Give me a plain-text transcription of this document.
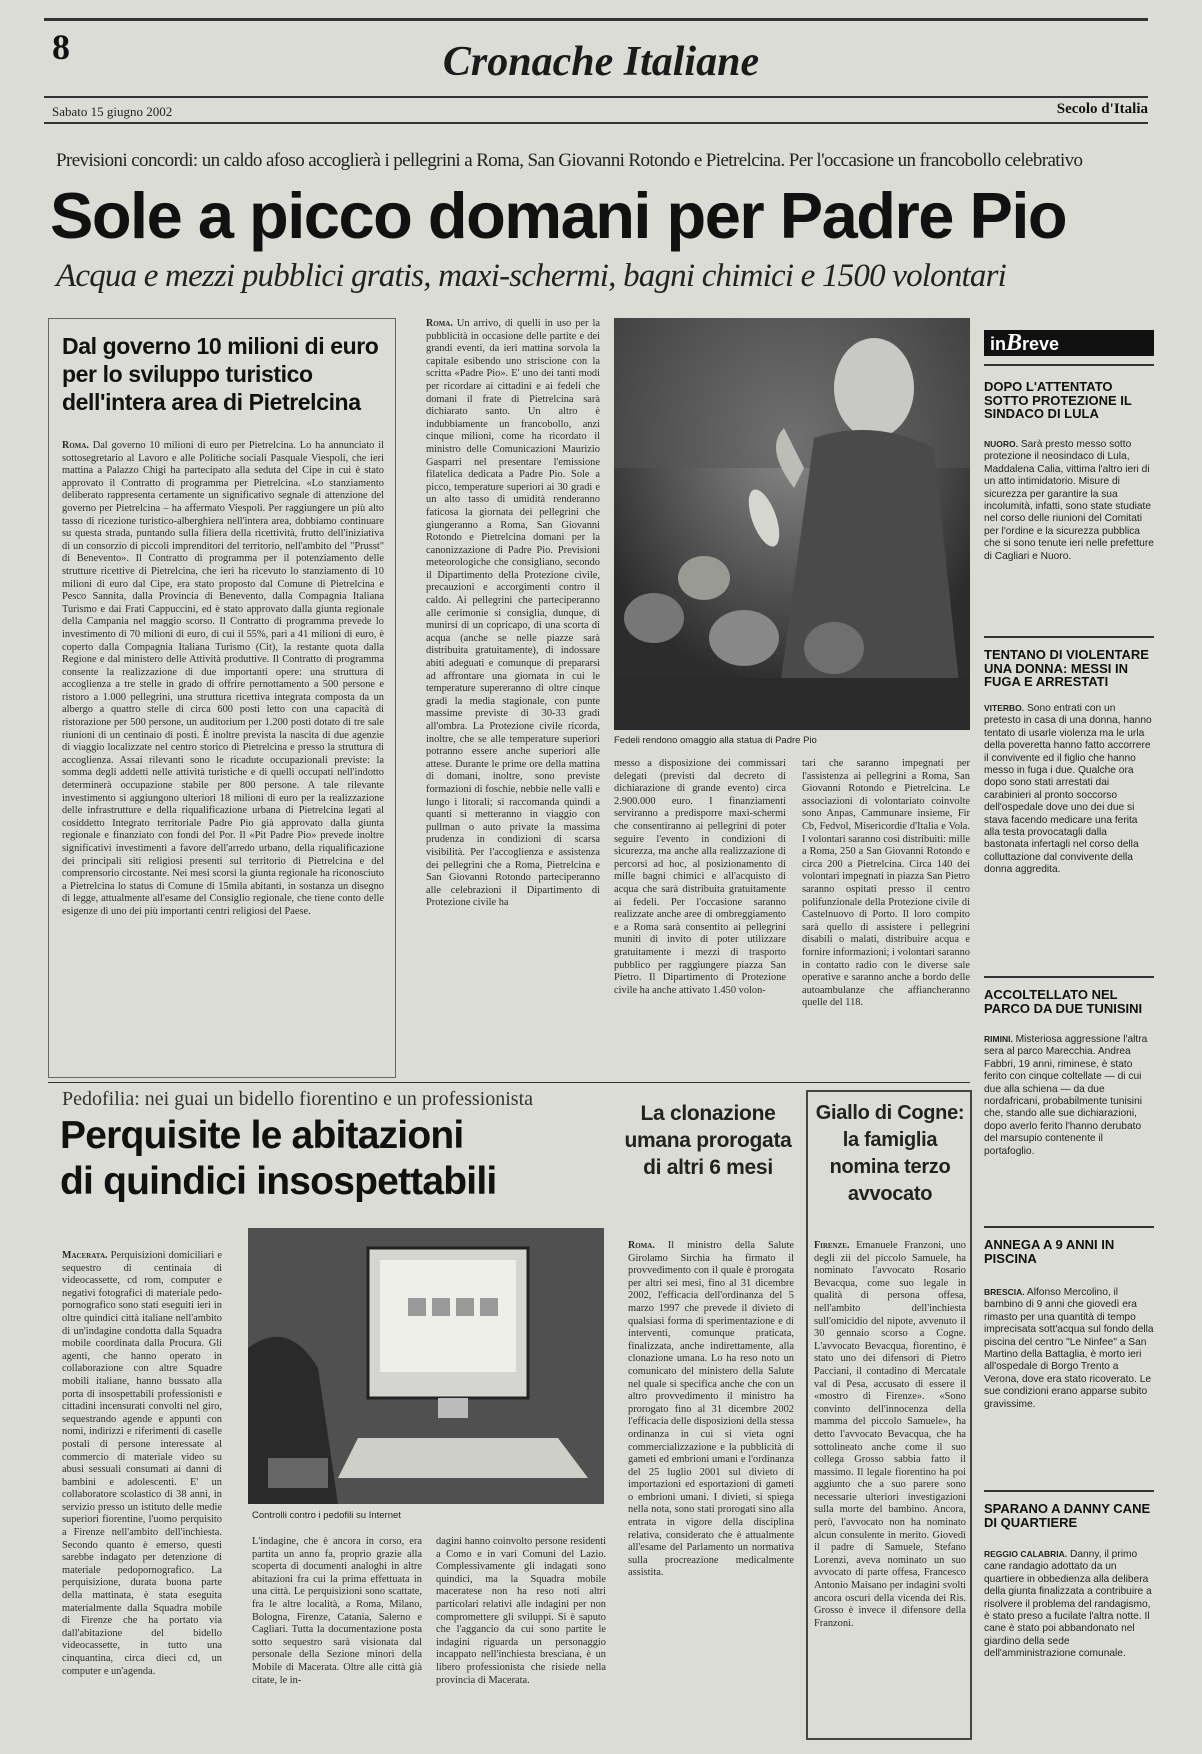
8	Cronache Italiane
Sabato 15 giugno 2002	Secolo d'Italia
Previsioni concordi: un caldo afoso accoglierà i pellegrini a Roma, San Giovanni Rotondo e Pietrelcina. Per l'occasione un francobollo celebrativo
Sole a picco domani per Padre Pio
Acqua e mezzi pubblici gratis, maxi-schermi, bagni chimici e 1500 volontari
Dal governo 10 milioni di euro per lo sviluppo turistico dell'intera area di Pietrelcina
Roma. Dal governo 10 milioni di euro per Pietrelcina. Lo ha annunciato il sottosegretario al Lavoro e alle Politiche sociali Pasquale Viespoli, che ieri mattina a Palazzo Chigi ha partecipato alla seduta del Cipe in cui è stato approvato il Contratto di programma per Pietrelcina. «Lo stanziamento deliberato rappresenta certamente un significativo segnale di attenzione del governo per Pietrelcina – ha affermato Viespoli. Per raggiungere un più alto tasso di ricezione turistico-alberghiera nell'intera area, dobbiamo continuare su questa strada, puntando sulla filiera della ricettività, frutto dell'iniziativa di un consorzio di piccoli imprenditori del territorio, nell'ambito del "Prusst" di Benevento». Il Contratto di programma per il potenziamento delle strutture ricettive di Pietrelcina, che ieri ha ricevuto lo stanziamento di 10 milioni di euro dal Cipe, era stato proposto dal Comune di Pietrelcina e Pesco Sannita, dalla Provincia di Benevento, dalla Compagnia Italiana Turismo e dai Frati Cappuccini, ed è stato approvato dalla giunta regionale della Campania nel maggio scorso. Il Contratto di programma prevede lo investimento di 70 milioni di euro, di cui il 55%, pari a 41 milioni di euro, è coperto dalla Compagnia Italiana Turismo (Cit), la restante quota dalla Regione e dal ministero delle Attività produttive. Il Contratto di programma consente la realizzazione di due importanti opere: una struttura di accoglienza a tre stelle in grado di offrire pernottamento a 500 persone e ristoro a 1.000 pellegrini, una struttura ricettiva integrata composta da un albergo a quattro stelle di circa 600 posti letto con una capacità di ristorazione per 500 persone, un auditorium per 1.200 posti dotato di tre sale riunioni di un centinaio di posti. È inoltre prevista la nascita di due agenzie di viaggio localizzate nel centro storico di Pietrelcina e presso la struttura di accoglienza. Assai rilevanti sono le ricadute occupazionali previste: la somma degli addetti nelle attività turistiche e di quelli occupati nell'indotto determinerà occupazione stabile per 800 persone. A tale rilevante investimento si aggiungono ulteriori 18 milioni di euro per la realizzazione delle infrastrutture e della riqualificazione urbana di Pietrelcina legati al cosiddetto Integrato territoriale Padre Pio già approvato dalla giunta regionale e finanziato con fondi del Por. Il «Pit Padre Pio» prevede inoltre significativi investimenti a favore dell'arredo urbano, della riqualificazione dei principali siti religiosi presenti sul territorio di Pietrelcina e del comprensorio circostante. Nei mesi scorsi la giunta regionale ha riconosciuto a Pietrelcina lo status di Comune di 15mila abitanti, in sostanza un disegno di legge, attualmente all'esame del Consiglio regionale, che tiene conto delle esigenze di uno dei più importanti centri religiosi del Paese.
Roma. Un arrivo, di quelli in uso per la pubblicità in occasione delle partite e dei grandi eventi, da ieri mattina sorvola la capitale esibendo uno striscione con la scritta «Padre Pio». E' uno dei tanti modi per ricordare ai cittadini e ai fedeli che domani il frate di Pietrelcina sarà dichiarato santo. Un altro è indubbiamente un francobollo, anzi cinque milioni, come ha ricordato il ministro delle Comunicazioni Maurizio Gasparri nel presentare l'emissione filatelica dedicata a Padre Pio. Sole a picco, temperature superiori ai 30 gradi e un alto tasso di umidità renderanno faticosa la giornata dei pellegrini che giungeranno a Roma, San Giovanni Rotondo e Pietrelcina domani per la canonizzazione di Padre Pio. Previsioni meteorologiche che consigliano, secondo il Dipartimento della Protezione civile, precauzioni e accorgimenti contro il caldo. Ai pellegrini che parteciperanno alle cerimonie si consiglia, dunque, di munirsi di un copricapo, di una scorta di acqua (anche se nelle piazze sarà distribuita gratuitamente), di indossare abiti adeguati e comunque di prepararsi ad affrontare una giornata in cui le temperature supereranno di oltre cinque gradi la media stagionale, con punte massime previste di 30-33 gradi all'ombra. La Protezione civile ricorda, inoltre, che se alle temperature superiori potranno essere anche superiori alle attese. Durante le prime ore della mattina di domani, inoltre, sono previste formazioni di foschie, nebbie nelle valli e lungo i litorali; si raccomanda quindi a quanti si metteranno in viaggio con pullman o auto private la massima prudenza in condizioni di scarsa visibilità. Per l'accoglienza e assistenza dei pellegrini che a Roma, Pietrelcina e San Giovanni Rotondo parteciperanno alle celebrazioni il Dipartimento di Protezione civile ha
Fedeli rendono omaggio alla statua di Padre Pio
messo a disposizione dei commissari delegati (previsti dal decreto di dichiarazione di grande evento) circa 2.900.000 euro. I finanziamenti serviranno a predisporre maxi-schermi che consentiranno ai pellegrini di poter seguire l'evento in condizioni di sicurezza, ma anche alla realizzazione di percorsi ad hoc, al posizionamento di mille bagni chimici e all'acquisto di acqua che sarà distribuita gratuitamente ai fedeli. Per l'occasione saranno realizzate anche aree di ombreggiamento e a Roma sarà consentito ai pellegrini muniti di invito di poter utilizzare gratuitamente i mezzi di trasporto pubblico per raggiungere piazza San Pietro. Il Dipartimento di Protezione civile ha anche attivato 1.450 volon-
tari che saranno impegnati per l'assistenza ai pellegrini a Roma, San Giovanni Rotondo e Pietrelcina. Le associazioni di volontariato coinvolte sono Anpas, Cammunare insieme, Fir Cb, Fedvol, Misericordie d'Italia e Vola. I volontari saranno così distribuiti: mille a Roma, 250 a San Giovanni Rotondo e circa 200 a Pietrelcina. Circa 140 dei volontari impegnati in piazza San Pietro saranno ospitati presso il centro polifunzionale della Protezione civile di Castelnuovo di Porto. Il loro compito sarà quello di assistere i pellegrini disabili o malati, distribuire acqua e fornire informazioni; i volontari saranno in contatto radio con le diverse sale operative e saranno anche a bordo delle autoambulanze che affiancheranno quelle del 118.
inBreve
DOPO L'ATTENTATO SOTTO PROTEZIONE IL SINDACO DI LULA
NUORO. Sarà presto messo sotto protezione il neosindaco di Lula, Maddalena Calia, vittima l'altro ieri di un atto intimidatorio. Misure di sicurezza per garantire la sua incolumità, infatti, sono state studiate nel corso delle riunioni del Comitati per l'ordine e la sicurezza pubblica che si sono tenute ieri nelle prefetture di Cagliari e Nuoro.
TENTANO DI VIOLENTARE UNA DONNA: MESSI IN FUGA E ARRESTATI
VITERBO. Sono entrati con un pretesto in casa di una donna, hanno tentato di usarle violenza ma le urla della poveretta hanno fatto accorrere il convivente ed il figlio che hanno messo in fuga i due. Qualche ora dopo sono stati arrestati dai carabinieri al pronto soccorso dell'ospedale dove uno dei due si stava facendo medicare una ferita alla testa provocatagli dalla bastonata infertagli nel corso della colluttazione dal convivente della donna aggredita.
ACCOLTELLATO NEL PARCO DA DUE TUNISINI
RIMINI. Misteriosa aggressione l'altra sera al parco Marecchia. Andrea Fabbri, 19 anni, riminese, è stato ferito con cinque coltellate — di cui due alla schiena — da due nordafricani, probabilmente tunisini che, stando alle sue dichiarazioni, dopo averlo ferito l'hanno derubato del marsupio contenente il portafoglio.
ANNEGA A 9 ANNI IN PISCINA
BRESCIA. Alfonso Mercolino, il bambino di 9 anni che giovedì era rimasto per una quantità di tempo imprecisata sott'acqua sul fondo della piscina del centro "Le Ninfee" a San Martino della Battaglia, è morto ieri all'ospedale di Borgo Trento a Verona, dove era stato ricoverato. Le sue condizioni erano apparse subito gravissime.
SPARANO A DANNY CANE DI QUARTIERE
REGGIO CALABRIA. Danny, il primo cane randagio adottato da un quartiere in obbedienza alla delibera della giunta finalizzata a contribuire a risolvere il problema del randagismo, è stato preso a fucilate l'altra notte. Il cane è stato poi abbandonato nel giardino della sede dell'amministrazione comunale.
Pedofilia: nei guai un bidello fiorentino e un professionista
Perquisite le abitazioni
di quindici insospettabili
Macerata. Perquisizioni domiciliari e sequestro di centinaia di videocassette, cd rom, computer e negativi fotografici di materiale pedo-pornografico sono stati eseguiti ieri in oltre quindici città italiane nell'ambito di un'indagine condotta dalla Squadra mobile coordinata dalla Procura. Gli agenti, che hanno operato in collaborazione con altre Squadre mobili italiane, hanno bussato alla porta di insospettabili professionisti e cittadini incensurati convolti nel giro, sequestrando agende e appunti con nomi, indirizzi e riferimenti di caselle postali di persone interessate al commercio di materiale video su abusi sessuali consumati ai danni di bambini e adolescenti. E' un collaboratore scolastico di 38 anni, in servizio presso un istituto delle medie superiori fiorentine, l'uomo perquisito a Firenze nell'ambito dell'inchiesta. Secondo quanto è emerso, questi sarebbe indagato per detenzione di materiale pedopornografico. La perquisizione, durata buona parte della mattinata, è stata eseguita materialmente dalla Squadra mobile di Firenze che ha portato via dall'abitazione del bidello videocassette, in tutto una cinquantina, circa dieci cd, un computer e un'agenda.
Controlli contro i pedofili su Internet
L'indagine, che è ancora in corso, era partita un anno fa, proprio grazie alla scoperta di documenti analoghi in altre abitazioni fra cui la prima effettuata in una città. Le perquisizioni sono scattate, fra le altre località, a Roma, Milano, Bologna, Firenze, Catania, Salerno e Cagliari. Tutta la documentazione posta sotto sequestro sarà visionata dal personale della Sezione minori della Mobile di Macerata. Oltre alle città già citate, le in-
dagini hanno coinvolto persone residenti a Como e in vari Comuni del Lazio. Complessivamente gli indagati sono quindici, ma la Squadra mobile maceratese non ha reso noti altri particolari relativi alle indagini per non compromettere gli sviluppi. Si è saputo che l'aggancio da cui sono partite le indagini riguarda un personaggio incappato nell'inchiesta bresciana, è un libero professionista che risiede nella provincia di Macerata.
La clonazione umana prorogata di altri 6 mesi
Roma. Il ministro della Salute Girolamo Sirchia ha firmato il provvedimento con il quale è prorogata per altri sei mesi, fino al 31 dicembre 2002, l'efficacia dell'ordinanza del 5 marzo 1997 che prevede il divieto di qualsiasi forma di sperimentazione e di interventi, comunque praticata, finalizzata, anche indirettamente, alla clonazione umana. Lo ha reso noto un comunicato del ministero della Salute nel quale si specifica anche che con un altro provvedimento il ministro ha prorogato fino al 31 dicembre 2002 l'efficacia delle disposizioni della stessa ordinanza in cui si vieta ogni commercializzazione e la pubblicità di gameti ed embrioni umani e l'ordinanza del 25 luglio 2001 sul divieto di importazioni ed esportazioni di gameti o embrioni umani. I divieti, si spiega nella nota, sono stati prorogati sino alla entrata in vigore della disciplina relativa, considerato che è attualmente all'esame del Parlamento un normativa sulla procreazione medicalmente assistita.
Giallo di Cogne: la famiglia nomina terzo avvocato
Firenze. Emanuele Franzoni, uno degli zii del piccolo Samuele, ha nominato l'avvocato Rosario Bevacqua, come suo legale in qualità di persona offesa, nell'ambito dell'inchiesta sull'omicidio del nipote, avvenuto il 30 gennaio scorso a Cogne. L'avvocato Bevacqua, fiorentino, è stato uno dei difensori di Pietro Pacciani, il contadino di Mercatale val di Pesa, accusato di essere il «mostro di Firenze». «Sono convinto dell'innocenza della mamma del piccolo Samuele», ha detto l'avvocato Bevacqua, che ha sottolineato anche come il suo collega Grosso sabbia fatto il massimo. Il legale fiorentino ha poi aggiunto che a suo parere sono necessarie ulteriori investigazioni sulla morte del bambino. Ancora, però, l'avvocato non ha nominato alcun consulente in merito. Giovedì il padre di Samuele, Stefano Lorenzi, aveva nominato un suo avvocato di parte offesa, Francesco Antonio Maisano per indagini svolti ancora oscuri della vicenda dei Ris. Grosso è invece il difensore della Franzoni.
